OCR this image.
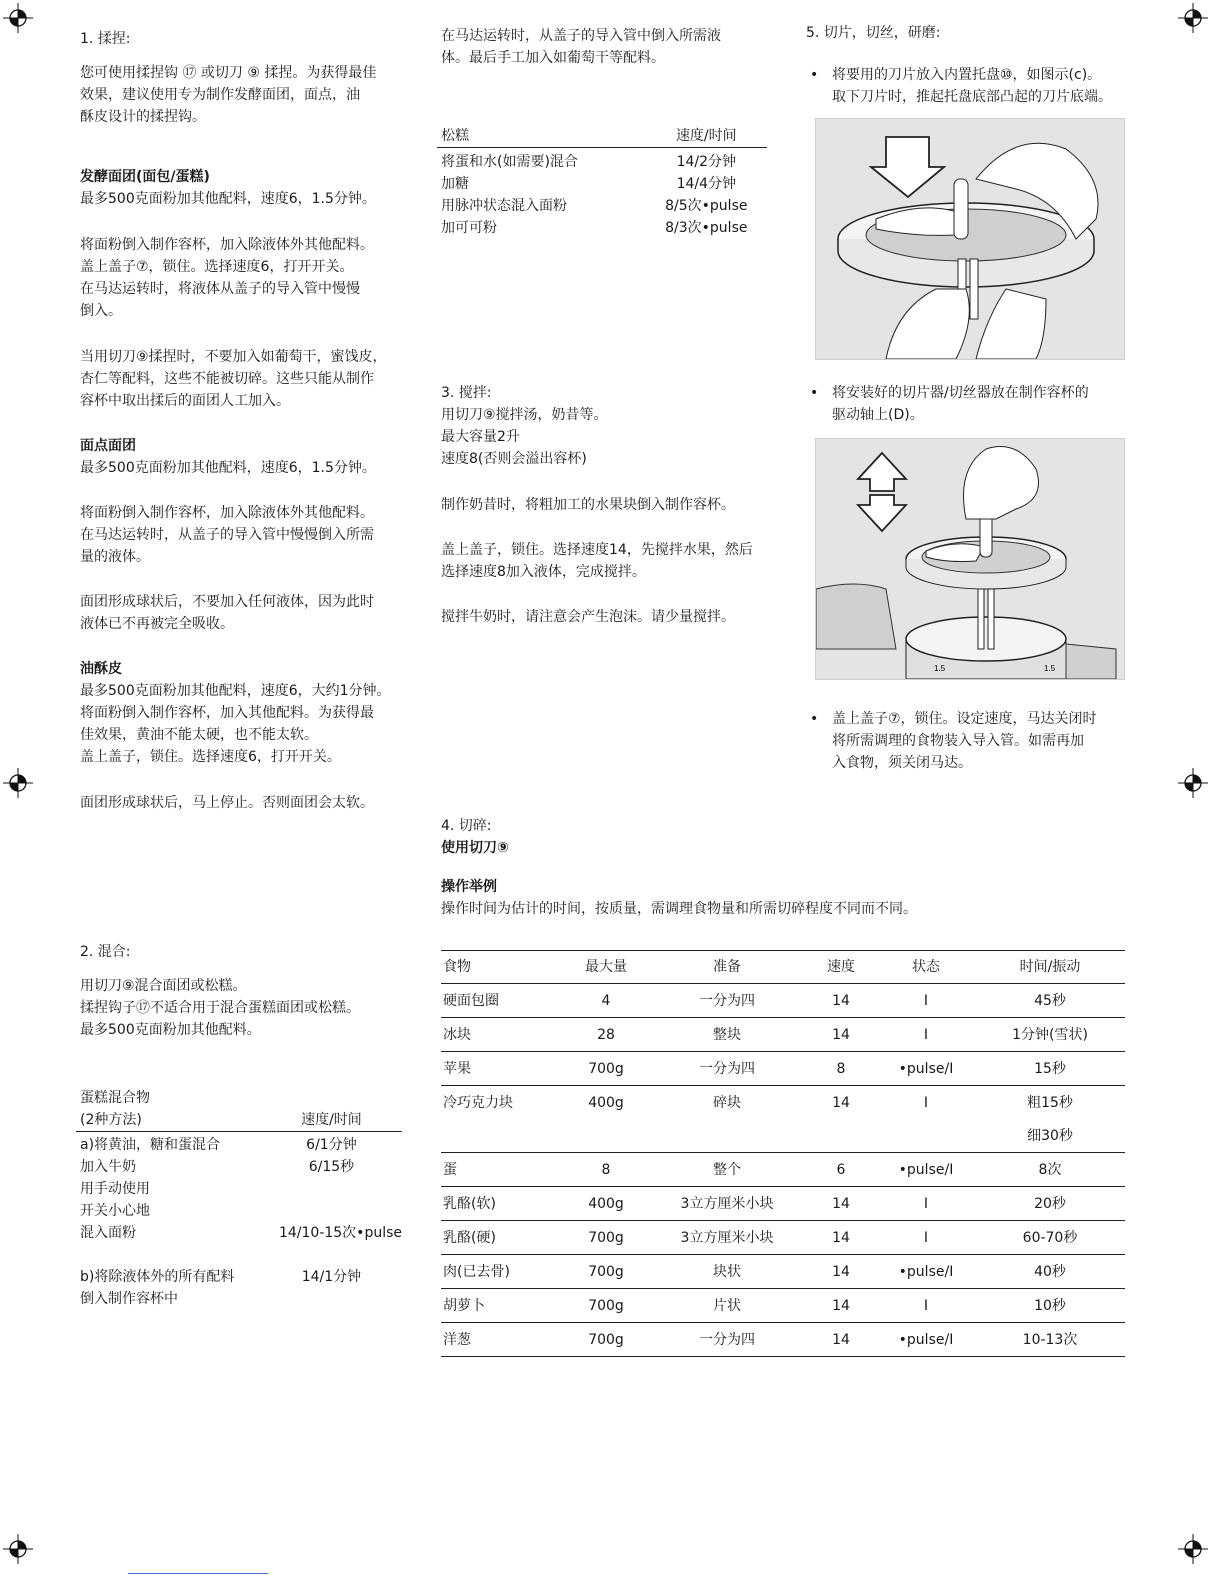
1. 揉捏:

您可使用揉捏钩 ⑰ 或切刀 ⑨ 揉捏。为获得最佳

效果，建议使用专为制作发酵面团，面点，油

酥皮设计的揉捏钩。

发酵面团(面包/蛋糕)

最多500克面粉加其他配料，速度6，1.5分钟。

将面粉倒入制作容杯，加入除液体外其他配料。

盖上盖子⑦，锁住。选择速度6，打开开关。

在马达运转时，将液体从盖子的导入管中慢慢

倒入。

当用切刀⑨揉捏时，不要加入如葡萄干，蜜饯皮，

杏仁等配料，这些不能被切碎。这些只能从制作

容杯中取出揉后的面团人工加入。

面点面团

最多500克面粉加其他配料，速度6，1.5分钟。

将面粉倒入制作容杯，加入除液体外其他配料。

在马达运转时，从盖子的导入管中慢慢倒入所需

量的液体。

面团形成球状后，不要加入任何液体，因为此时

液体已不再被完全吸收。

油酥皮

最多500克面粉加其他配料，速度6，大约1分钟。

将面粉倒入制作容杯，加入其他配料。为获得最

佳效果，黄油不能太硬，也不能太软。

盖上盖子，锁住。选择速度6，打开开关。

面团形成球状后，马上停止。否则面团会太软。

2. 混合:

用切刀⑨混合面团或松糕。

揉捏钩子⑰不适合用于混合蛋糕面团或松糕。

最多500克面粉加其他配料。

蛋糕混合物

(2种方法)	速度/时间
a)将黄油，糖和蛋混合	6/1分钟
加入牛奶	6/15秒
用手动使用	
开关小心地	
混入面粉	14/10-15次•pulse

b)将除液体外的所有配料	14/1分钟
倒入制作容杯中	

在马达运转时，从盖子的导入管中倒入所需液

体。最后手工加入如葡萄干等配料。

松糕	速度/时间
将蛋和水(如需要)混合	14/2分钟
加糖	14/4分钟
用脉冲状态混入面粉	8/5次•pulse
加可可粉	8/3次•pulse

3. 搅拌:

用切刀⑨搅拌汤，奶昔等。

最大容量2升

速度8(否则会溢出容杯)

制作奶昔时，将粗加工的水果块倒入制作容杯。

盖上盖子，锁住。选择速度14，先搅拌水果，然后

选择速度8加入液体，完成搅拌。

搅拌牛奶时，请注意会产生泡沫。请少量搅拌。

4. 切碎:

使用切刀⑨

操作举例

操作时间为估计的时间，按质量，需调理食物量和所需切碎程度不同而不同。

食物	最大量	准备	速度	状态	时间/振动
硬面包圈	4	一分为四	14	I	45秒
冰块	28	整块	14	I	1分钟(雪状)
苹果	700g	一分为四	8	•pulse/I	15秒
冷巧克力块	400g	碎块	14	I	粗15秒
					细30秒
蛋	8	整个	6	•pulse/I	8次
乳酪(软)	400g	3立方厘米小块	14	I	20秒
乳酪(硬)	700g	3立方厘米小块	14	I	60-70秒
肉(已去骨)	700g	块状	14	•pulse/I	40秒
胡萝卜	700g	片状	14	I	10秒
洋葱	700g	一分为四	14	•pulse/I	10-13次

5. 切片，切丝，研磨:

• 将要用的刀片放入内置托盘⑩，如图示(c)。

取下刀片时，推起托盘底部凸起的刀片底端。

• 将安装好的切片器/切丝器放在制作容杯的

驱动轴上(D)。

1.5	1.5
• 盖上盖子⑦，锁住。设定速度，马达关闭时

将所需调理的食物装入导入管。如需再加

入食物，须关闭马达。
